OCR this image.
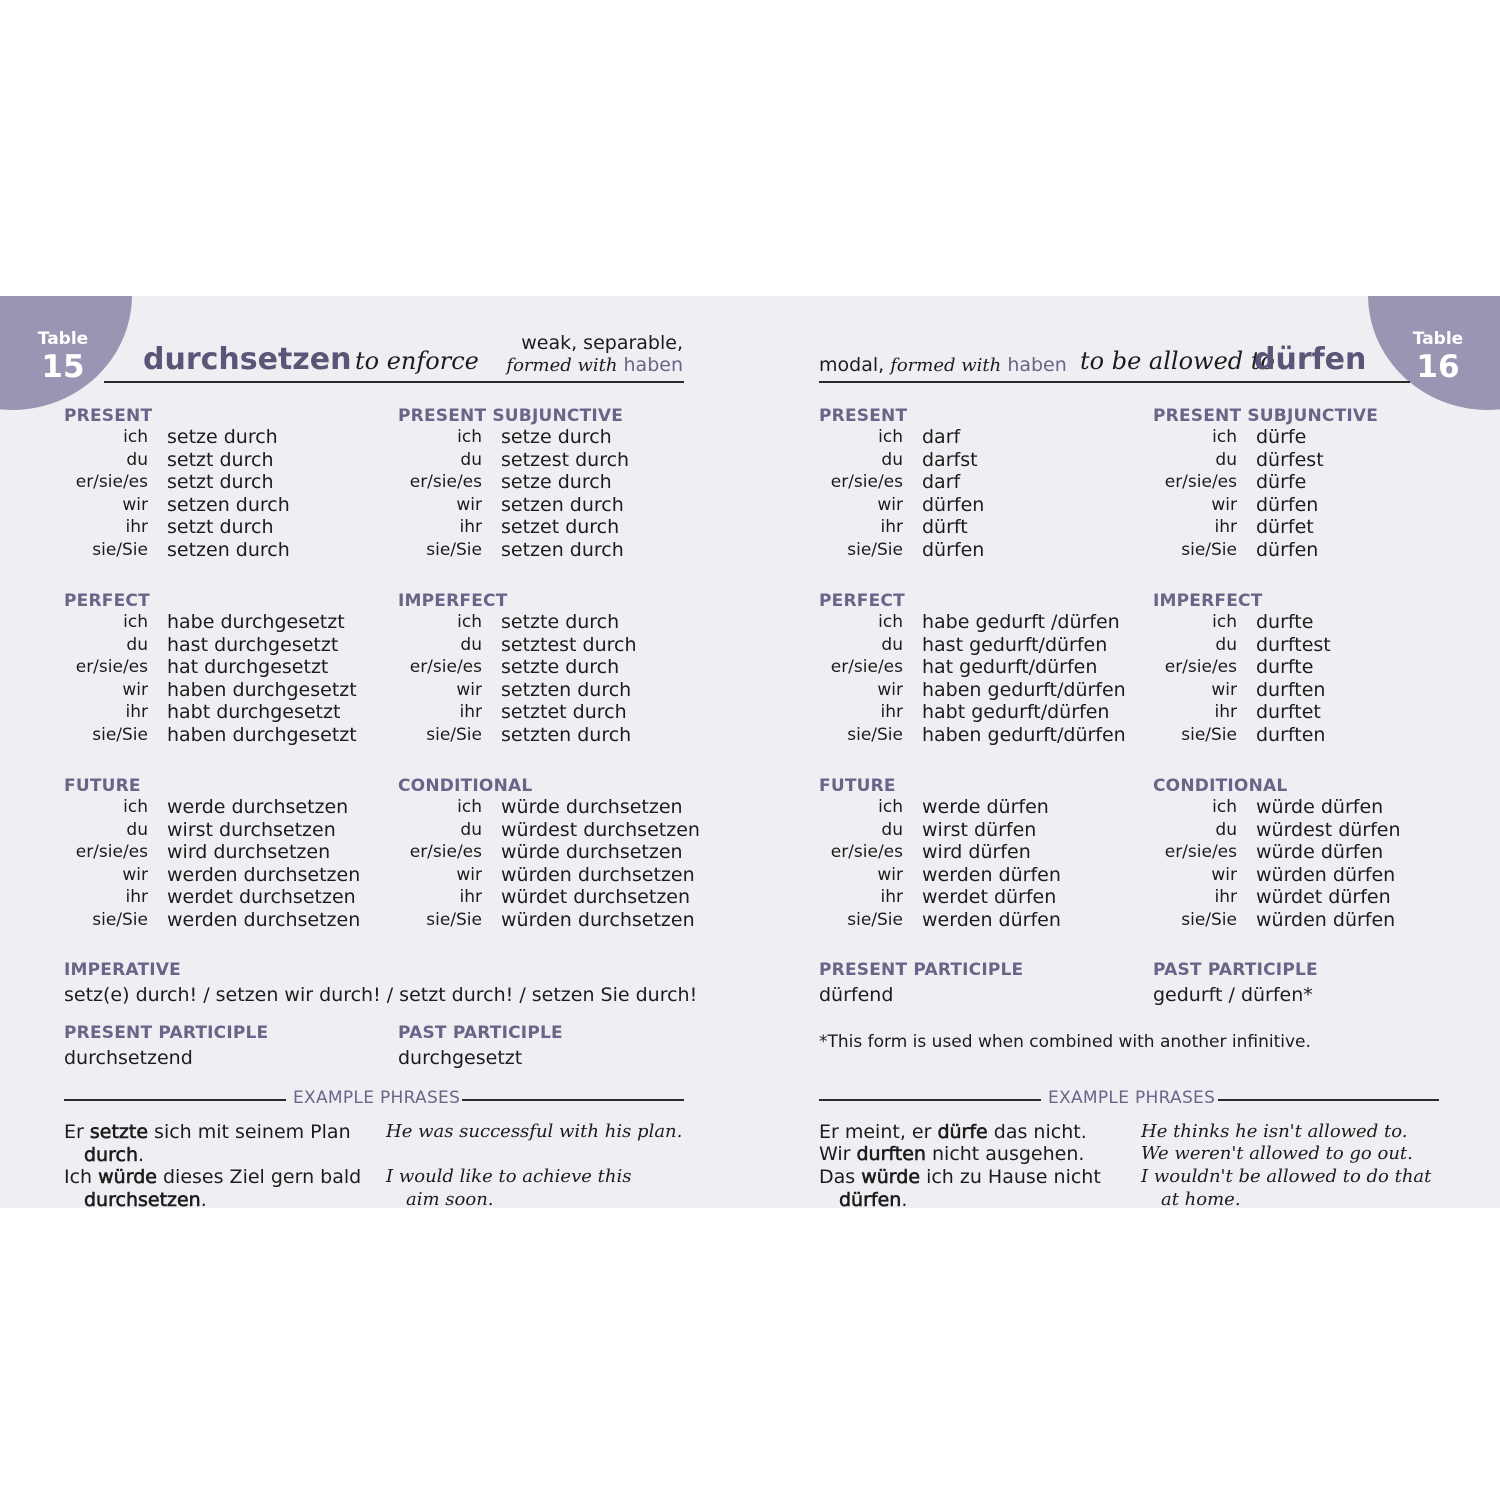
Table
15 durchsetzen to enforce
weak, separable,
formed with haben
PRESENT
ich setze durch
du setzt durch
er/sie/es setzt durch
wir setzen durch
ihr setzt durch
sie/Sie setzen durch
PRESENT SUBJUNCTIVE
ich setze durch
du setzest durch
er/sie/es setze durch
wir setzen durch
ihr setzet durch
sie/Sie setzen durch
PERFECT
ich habe durchgesetzt
du hast durchgesetzt
er/sie/es hat durchgesetzt
wir haben durchgesetzt
ihr habt durchgesetzt
sie/Sie haben durchgesetzt
IMPERFECT
ich setzte durch
du setztest durch
er/sie/es setzte durch
wir setzten durch
ihr setztet durch
sie/Sie setzten durch
FUTURE
ich werde durchsetzen
du wirst durchsetzen
er/sie/es wird durchsetzen
wir werden durchsetzen
ihr werdet durchsetzen
sie/Sie werden durchsetzen
CONDITIONAL
ich würde durchsetzen
du würdest durchsetzen
er/sie/es würde durchsetzen
wir würden durchsetzen
ihr würdet durchsetzen
sie/Sie würden durchsetzen
IMPERATIVE
setz(e) durch! / setzen wir durch! / setzt durch! / setzen Sie durch!
PRESENT PARTICIPLE
durchsetzend
PAST PARTICIPLE
durchgesetzt
EXAMPLE PHRASES
Er setzte sich mit seinem Plan
durch.
He was successful with his plan.
Ich würde dieses Ziel gern bald
durchsetzen.
I would like to achieve this
aim soon.
Table
16
modal, formed with haben to be allowed to
dürfen
PRESENT
ich darf
du darfst
er/sie/es darf
wir dürfen
ihr dürft
sie/Sie dürfen
PRESENT SUBJUNCTIVE
ich dürfe
du dürfest
er/sie/es dürfe
wir dürfen
ihr dürfet
sie/Sie dürfen
PERFECT
ich habe gedurft /dürfen
du hast gedurft/dürfen
er/sie/es hat gedurft/dürfen
wir haben gedurft/dürfen
ihr habt gedurft/dürfen
sie/Sie haben gedurft/dürfen
IMPERFECT
ich durfte
du durftest
er/sie/es durfte
wir durften
ihr durftet
sie/Sie durften
FUTURE
ich werde dürfen
du wirst dürfen
er/sie/es wird dürfen
wir werden dürfen
ihr werdet dürfen
sie/Sie werden dürfen
CONDITIONAL
ich würde dürfen
du würdest dürfen
er/sie/es würde dürfen
wir würden dürfen
ihr würdet dürfen
sie/Sie würden dürfen
PRESENT PARTICIPLE
dürfend
PAST PARTICIPLE
gedurft / dürfen*
*This form is used when combined with another infinitive.
EXAMPLE PHRASES
Er meint, er dürfe das nicht.	He thinks he isn't allowed to.
Wir durften nicht ausgehen.	We weren't allowed to go out.
Das würde ich zu Hause nicht
dürfen.
I wouldn't be allowed to do that
at home.
